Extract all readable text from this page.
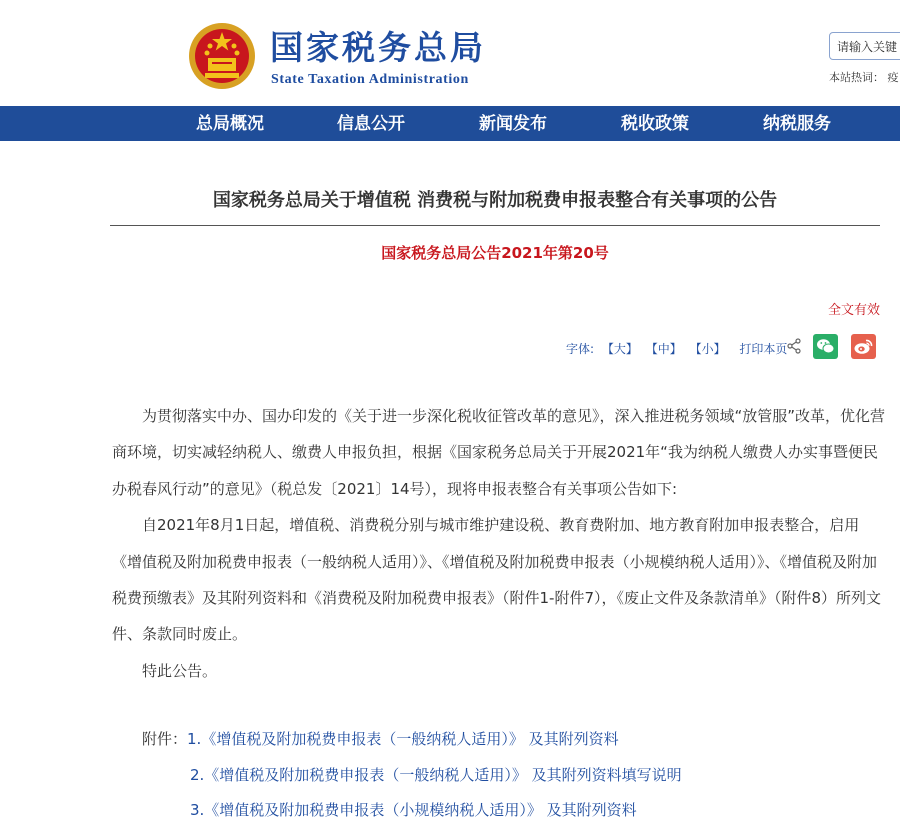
国家税务总局
State Taxation Administration
请输入关键
本站热词： 疫
总局概况	信息公开	新闻发布	税收政策	纳税服务
国家税务总局关于增值税 消费税与附加税费申报表整合有关事项的公告
国家税务总局公告2021年第20号
全文有效
字体: 【大】 【中】 【小】 打印本页

为贯彻落实中办、国办印发的《关于进一步深化税收征管改革的意见》，深入推进税务领域“放管服”改革，优化营商环境，切实减轻纳税人、缴费人申报负担，根据《国家税务总局关于开展2021年“我为纳税人缴费人办实事暨便民办税春风行动”的意见》（税总发〔2021〕14号），现将申报表整合有关事项公告如下:

自2021年8月1日起，增值税、消费税分别与城市维护建设税、教育费附加、地方教育附加申报表整合，启用《增值税及附加税费申报表（一般纳税人适用）》、《增值税及附加税费申报表（小规模纳税人适用）》、《增值税及附加税费预缴表》及其附列资料和《消费税及附加税费申报表》（附件1-附件7），《废止文件及条款清单》（附件8）所列文件、条款同时废止。

特此公告。

附件：1.《增值税及附加税费申报表（一般纳税人适用）》 及其附列资料
2.《增值税及附加税费申报表（一般纳税人适用）》 及其附列资料填写说明
3.《增值税及附加税费申报表（小规模纳税人适用）》 及其附列资料
